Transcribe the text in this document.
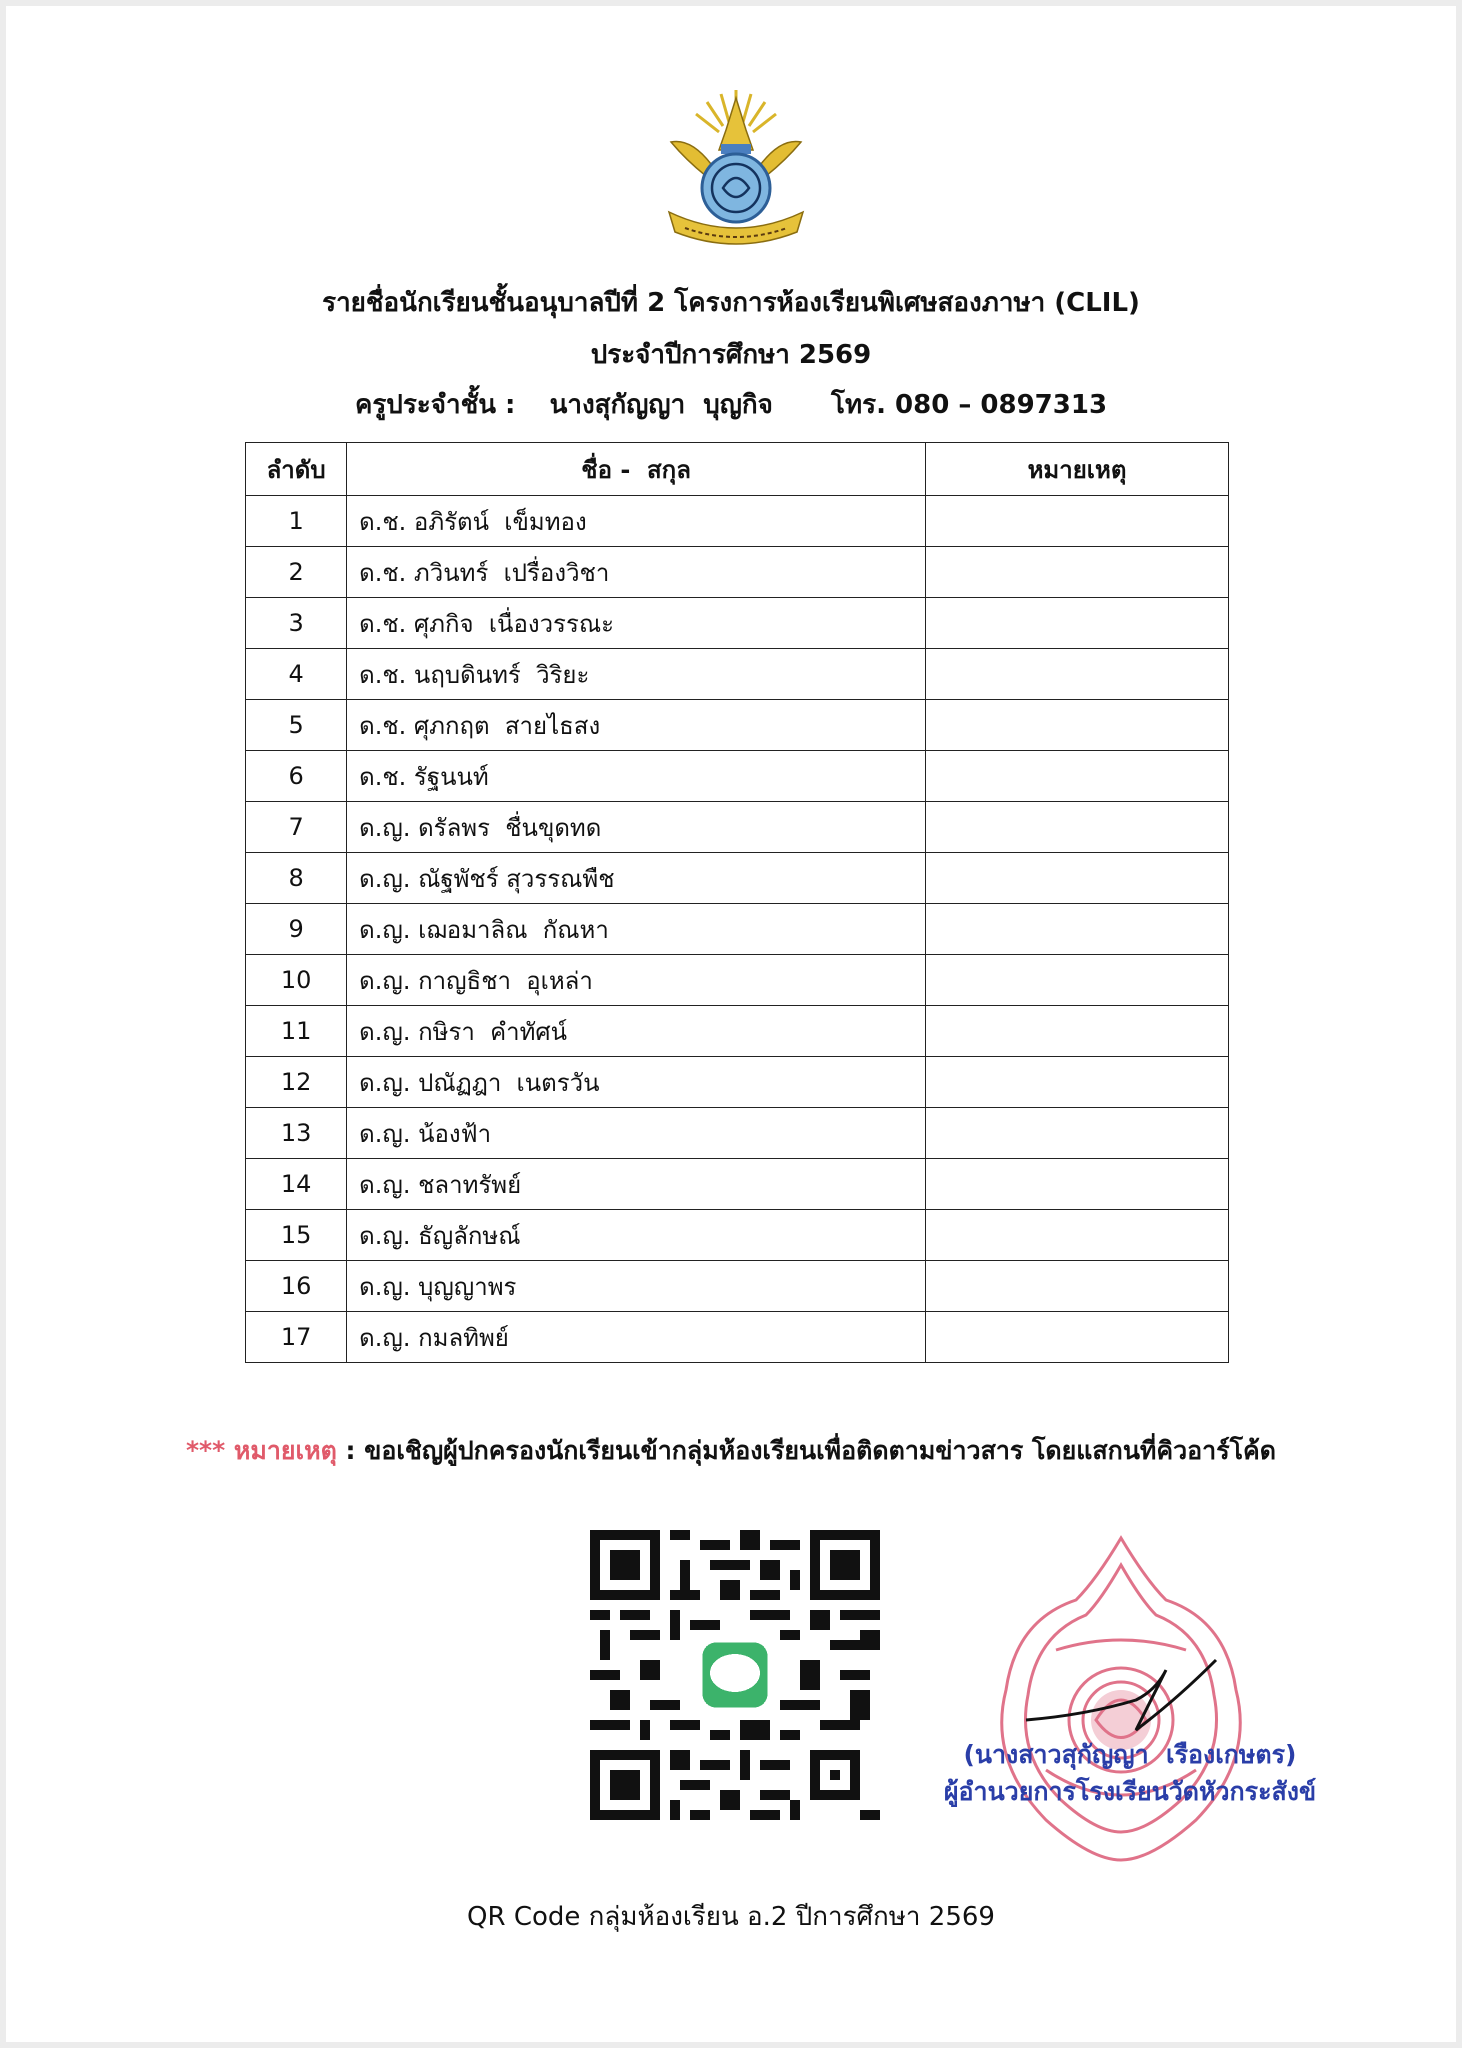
รายชื่อนักเรียนชั้นอนุบาลปีที่ 2 โครงการห้องเรียนพิเศษสองภาษา (CLIL)
ประจำปีการศึกษา 2569
ครูประจำชั้น : นางสุกัญญา  บุญกิจ โทร. 080 – 0897313
ลำดับ	ชื่อ -  สกุล	หมายเหตุ
1	ด.ช. อภิรัตน์  เข็มทอง	
2	ด.ช. ภวินทร์  เปรื่องวิชา	
3	ด.ช. ศุภกิจ  เนื่องวรรณะ	
4	ด.ช. นฤบดินทร์  วิริยะ	
5	ด.ช. ศุภกฤต  สายไธสง	
6	ด.ช. รัฐนนท์	
7	ด.ญ. ดรัลพร  ชื่นขุดทด	
8	ด.ญ. ณัฐพัชร์ สุวรรณพืช	
9	ด.ญ. เฌอมาลิณ  กัณหา	
10	ด.ญ. กาญธิชา  อุเหล่า	
11	ด.ญ. กษิรา  คำทัศน์	
12	ด.ญ. ปณัฏฎา  เนตรวัน	
13	ด.ญ. น้องฟ้า	
14	ด.ญ. ชลาทรัพย์	
15	ด.ญ. ธัญลักษณ์	
16	ด.ญ. บุญญาพร	
17	ด.ญ. กมลทิพย์	
*** หมายเหตุ : ขอเชิญผู้ปกครองนักเรียนเข้ากลุ่มห้องเรียนเพื่อติดตามข่าวสาร โดยแสกนที่คิวอาร์โค้ด
(นางสาวสุกัญญา  เรืองเกษตร)
ผู้อำนวยการโรงเรียนวัดหัวกระสังข์
QR Code กลุ่มห้องเรียน อ.2 ปีการศึกษา 2569
